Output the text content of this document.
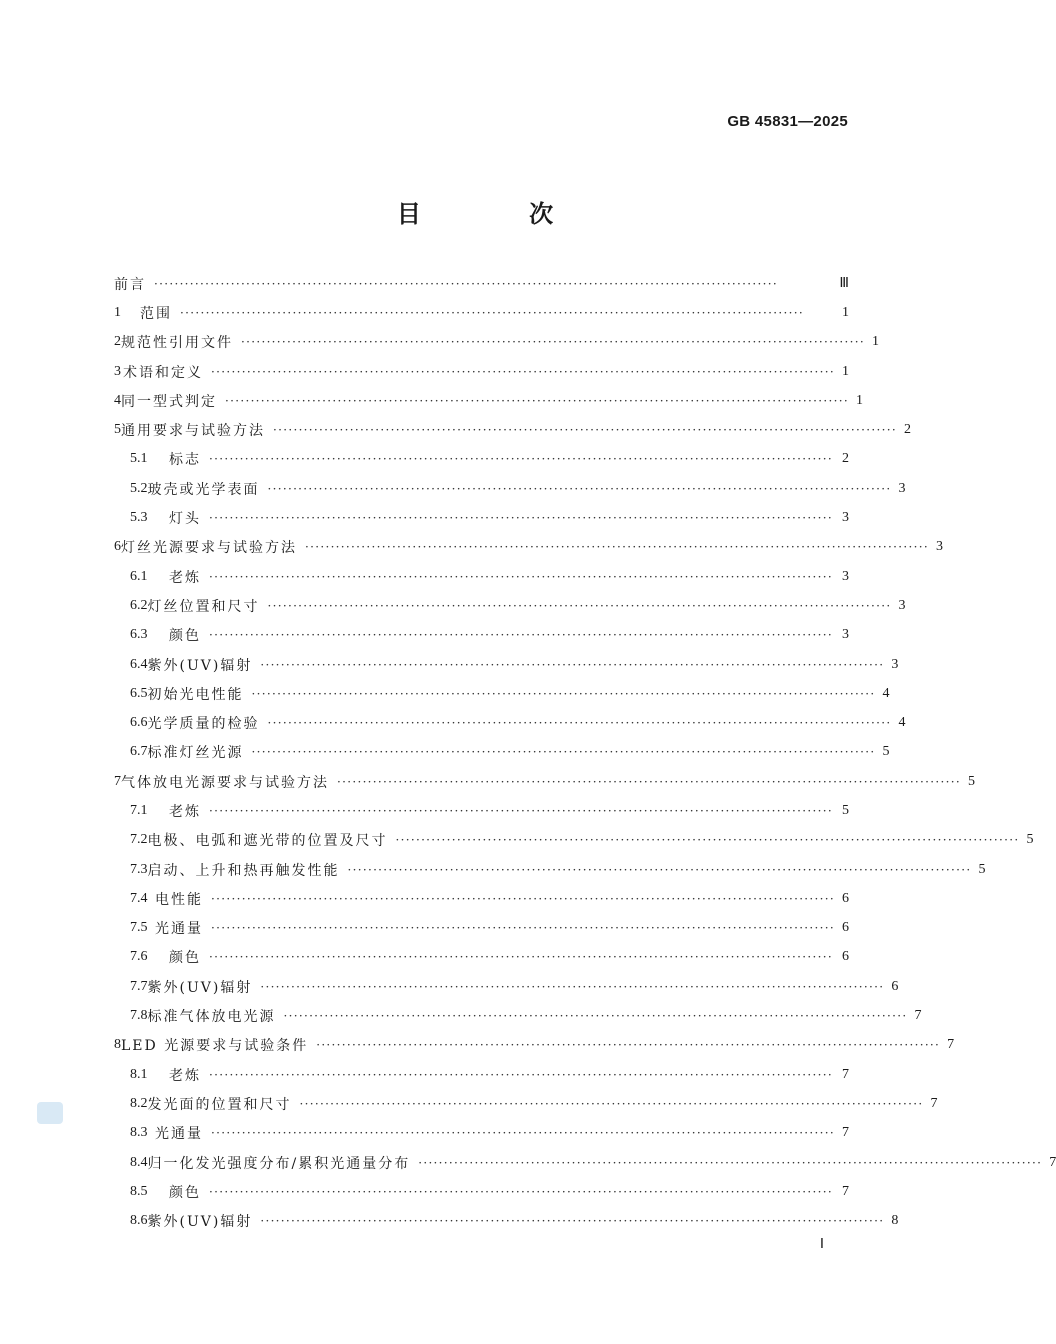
GB 45831—2025
目 次
前言 ··························································································································	Ⅲ
1	范围 ··························································································································	1
2 规范性引用文件 ·························································································································· 1
3 术语和定义 ·························································································································· 1
4 同一型式判定 ·························································································································· 1
5 通用要求与试验方法 ·························································································································· 2
5.1	标志 ·························································································································· 2
5.2 玻壳或光学表面 ·························································································································· 3
5.3	灯头 ·························································································································· 3
6 灯丝光源要求与试验方法 ·························································································································· 3
6.1	老炼 ·························································································································· 3
6.2 灯丝位置和尺寸 ·························································································································· 3
6.3	颜色 ·························································································································· 3
6.4 紫外(UV)辐射 ·························································································································· 3
6.5 初始光电性能 ·························································································································· 4
6.6 光学质量的检验 ·························································································································· 4
6.7 标准灯丝光源 ·························································································································· 5
7 气体放电光源要求与试验方法 ·························································································································· 5
7.1	老炼 ·························································································································· 5
7.2 电极、电弧和遮光带的位置及尺寸 ·························································································································· 5
7.3 启动、上升和热再触发性能 ·························································································································· 5
7.4 电性能 ·························································································································· 6
7.5 光通量 ·························································································································· 6
7.6	颜色 ·························································································································· 6
7.7 紫外(UV)辐射 ·························································································································· 6
7.8 标准气体放电光源 ·························································································································· 7
8 LED 光源要求与试验条件 ·························································································································· 7
8.1	老炼 ·························································································································· 7
8.2 发光面的位置和尺寸 ·························································································································· 7
8.3 光通量 ·························································································································· 7
8.4 归一化发光强度分布/累积光通量分布 ·························································································································· 7
8.5	颜色 ·························································································································· 7
8.6 紫外(UV)辐射 ·························································································································· 8
Ⅰ
